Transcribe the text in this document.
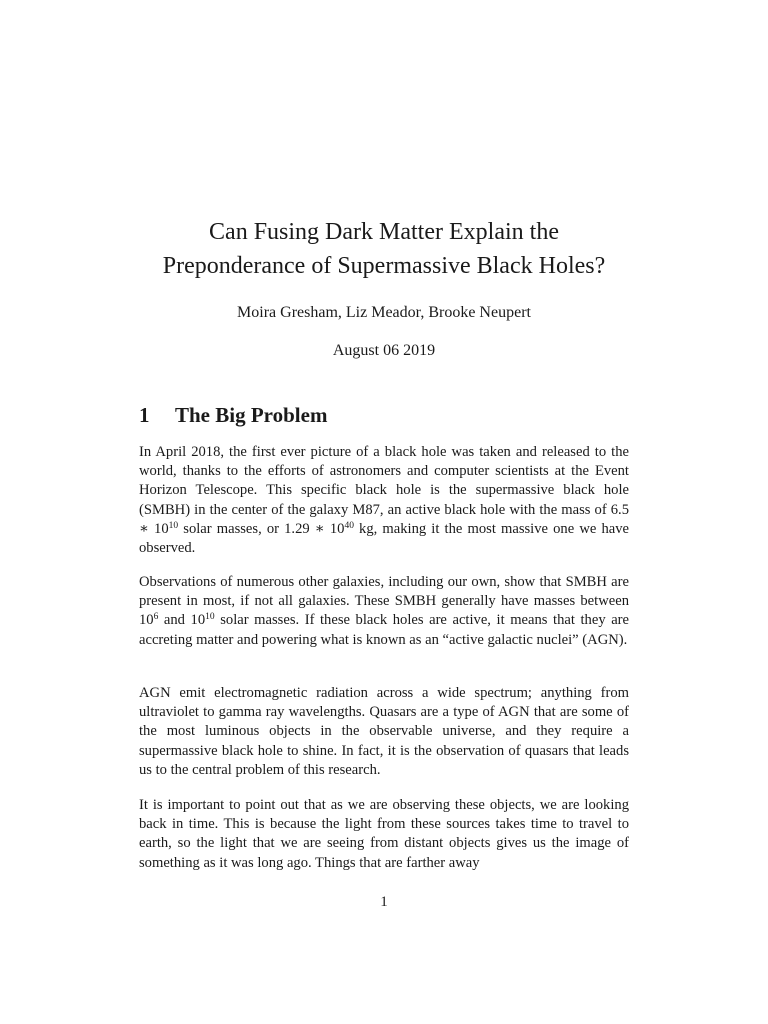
Can Fusing Dark Matter Explain the
Preponderance of Supermassive Black Holes?
Moira Gresham, Liz Meador, Brooke Neupert
August 06 2019
1 The Big Problem

In April 2018, the first ever picture of a black hole was taken and released to the world, thanks to the efforts of astronomers and computer scientists at the Event Horizon Telescope. This specific black hole is the supermassive black hole (SMBH) in the center of the galaxy M87, an active black hole with the mass of 6.5 ∗ $10^{10}$ solar masses, or 1.29 ∗ $10^{40}$ kg, making it the most massive one we have observed.

Observations of numerous other galaxies, including our own, show that SMBH are present in most, if not all galaxies. These SMBH generally have masses between $10^6$ and $10^{10}$ solar masses. If these black holes are active, it means that they are accreting matter and powering what is known as an “active galactic nuclei” (AGN).

AGN emit electromagnetic radiation across a wide spectrum; anything from ultraviolet to gamma ray wavelengths. Quasars are a type of AGN that are some of the most luminous objects in the observable universe, and they require a supermassive black hole to shine. In fact, it is the observation of quasars that leads us to the central problem of this research.

It is important to point out that as we are observing these objects, we are looking back in time. This is because the light from these sources takes time to travel to earth, so the light that we are seeing from distant objects gives us the image of something as it was long ago. Things that are farther away

1
